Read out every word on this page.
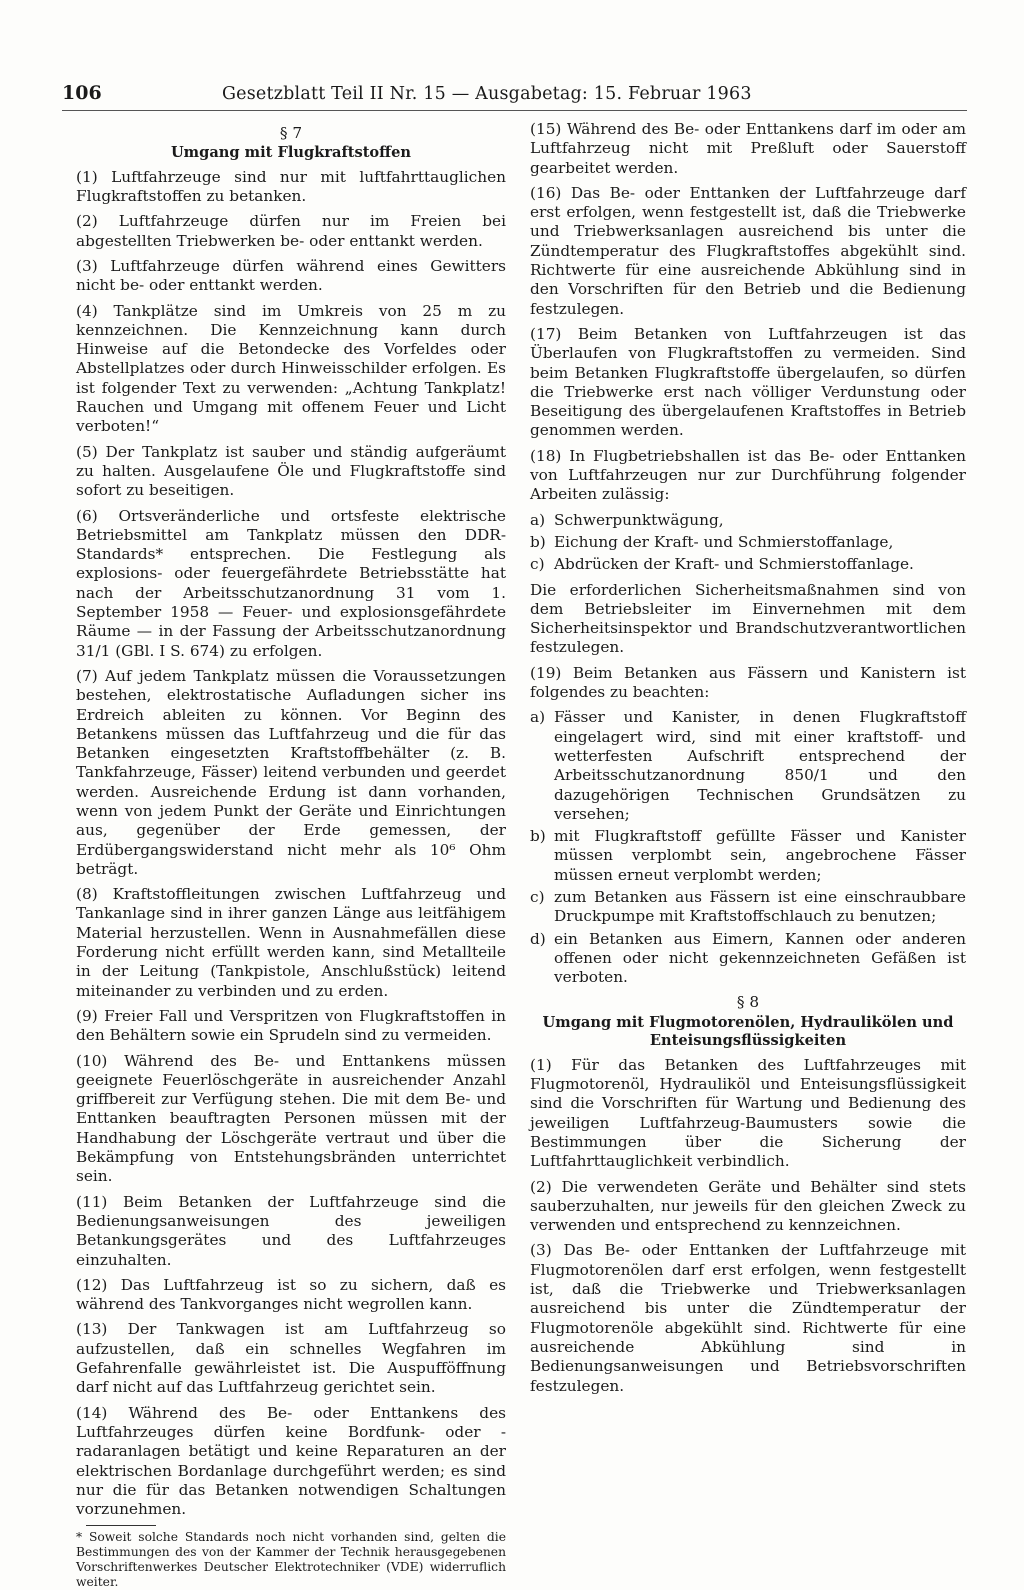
106	Gesetzblatt Teil II Nr. 15 — Ausgabetag: 15. Februar 1963
§ 7
Umgang mit Flugkraftstoffen

(1) Luftfahrzeuge sind nur mit luftfahrttauglichen Flugkraftstoffen zu betanken.

(2) Luftfahrzeuge dürfen nur im Freien bei abgestellten Triebwerken be- oder enttankt werden.

(3) Luftfahrzeuge dürfen während eines Gewitters nicht be- oder enttankt werden.

(4) Tankplätze sind im Umkreis von 25 m zu kennzeichnen. Die Kennzeichnung kann durch Hinweise auf die Betondecke des Vorfeldes oder Abstellplatzes oder durch Hinweisschilder erfolgen. Es ist folgender Text zu verwenden: „Achtung Tankplatz! Rauchen und Umgang mit offenem Feuer und Licht verboten!“

(5) Der Tankplatz ist sauber und ständig aufgeräumt zu halten. Ausgelaufene Öle und Flugkraftstoffe sind sofort zu beseitigen.

(6) Ortsveränderliche und ortsfeste elektrische Betriebsmittel am Tankplatz müssen den DDR-Standards* entsprechen. Die Festlegung als explosions- oder feuergefährdete Betriebsstätte hat nach der Arbeitsschutzanordnung 31 vom 1. September 1958 — Feuer- und explosionsgefährdete Räume — in der Fassung der Arbeitsschutzanordnung 31/1 (GBl. I S. 674) zu erfolgen.

(7) Auf jedem Tankplatz müssen die Voraussetzungen bestehen, elektrostatische Aufladungen sicher ins Erdreich ableiten zu können. Vor Beginn des Betankens müssen das Luftfahrzeug und die für das Betanken eingesetzten Kraftstoffbehälter (z. B. Tankfahrzeuge, Fässer) leitend verbunden und geerdet werden. Ausreichende Erdung ist dann vorhanden, wenn von jedem Punkt der Geräte und Einrichtungen aus, gegenüber der Erde gemessen, der Erdübergangswiderstand nicht mehr als 10⁶ Ohm beträgt.

(8) Kraftstoffleitungen zwischen Luftfahrzeug und Tankanlage sind in ihrer ganzen Länge aus leitfähigem Material herzustellen. Wenn in Ausnahmefällen diese Forderung nicht erfüllt werden kann, sind Metallteile in der Leitung (Tankpistole, Anschlußstück) leitend miteinander zu verbinden und zu erden.

(9) Freier Fall und Verspritzen von Flugkraftstoffen in den Behältern sowie ein Sprudeln sind zu vermeiden.

(10) Während des Be- und Enttankens müssen geeignete Feuerlöschgeräte in ausreichender Anzahl griffbereit zur Verfügung stehen. Die mit dem Be- und Enttanken beauftragten Personen müssen mit der Handhabung der Löschgeräte vertraut und über die Bekämpfung von Entstehungsbränden unterrichtet sein.

(11) Beim Betanken der Luftfahrzeuge sind die Bedienungsanweisungen des jeweiligen Betankungsgerätes und des Luftfahrzeuges einzuhalten.

(12) Das Luftfahrzeug ist so zu sichern, daß es während des Tankvorganges nicht wegrollen kann.

(13) Der Tankwagen ist am Luftfahrzeug so aufzustellen, daß ein schnelles Wegfahren im Gefahrenfalle gewährleistet ist. Die Auspufföffnung darf nicht auf das Luftfahrzeug gerichtet sein.

(14) Während des Be- oder Enttankens des Luftfahrzeuges dürfen keine Bordfunk- oder -radaranlagen betätigt und keine Reparaturen an der elektrischen Bordanlage durchgeführt werden; es sind nur die für das Betanken notwendigen Schaltungen vorzunehmen.

* Soweit solche Standards noch nicht vorhanden sind, gelten die Bestimmungen des von der Kammer der Technik herausgegebenen Vorschriftenwerkes Deutscher Elektrotechniker (VDE) widerruflich weiter.

(15) Während des Be- oder Enttankens darf im oder am Luftfahrzeug nicht mit Preßluft oder Sauerstoff gearbeitet werden.

(16) Das Be- oder Enttanken der Luftfahrzeuge darf erst erfolgen, wenn festgestellt ist, daß die Triebwerke und Triebwerksanlagen ausreichend bis unter die Zündtemperatur des Flugkraftstoffes abgekühlt sind. Richtwerte für eine ausreichende Abkühlung sind in den Vorschriften für den Betrieb und die Bedienung festzulegen.

(17) Beim Betanken von Luftfahrzeugen ist das Überlaufen von Flugkraftstoffen zu vermeiden. Sind beim Betanken Flugkraftstoffe übergelaufen, so dürfen die Triebwerke erst nach völliger Verdunstung oder Beseitigung des übergelaufenen Kraftstoffes in Betrieb genommen werden.

(18) In Flugbetriebshallen ist das Be- oder Enttanken von Luftfahrzeugen nur zur Durchführung folgender Arbeiten zulässig:

a) Schwerpunktwägung,
b) Eichung der Kraft- und Schmierstoffanlage,
c) Abdrücken der Kraft- und Schmierstoffanlage.

Die erforderlichen Sicherheitsmaßnahmen sind von dem Betriebsleiter im Einvernehmen mit dem Sicherheitsinspektor und Brandschutzverantwortlichen festzulegen.

(19) Beim Betanken aus Fässern und Kanistern ist folgendes zu beachten:

a) Fässer und Kanister, in denen Flugkraftstoff eingelagert wird, sind mit einer kraftstoff- und wetterfesten Aufschrift entsprechend der Arbeitsschutzanordnung 850/1 und den dazugehörigen Technischen Grundsätzen zu versehen;
b) mit Flugkraftstoff gefüllte Fässer und Kanister müssen verplombt sein, angebrochene Fässer müssen erneut verplombt werden;
c) zum Betanken aus Fässern ist eine einschraubbare Druckpumpe mit Kraftstoffschlauch zu benutzen;
d) ein Betanken aus Eimern, Kannen oder anderen offenen oder nicht gekennzeichneten Gefäßen ist verboten.
§ 8
Umgang mit Flugmotorenölen, Hydraulikölen und Enteisungsflüssigkeiten

(1) Für das Betanken des Luftfahrzeuges mit Flugmotorenöl, Hydrauliköl und Enteisungsflüssigkeit sind die Vorschriften für Wartung und Bedienung des jeweiligen Luftfahrzeug-Baumusters sowie die Bestimmungen über die Sicherung der Luftfahrttauglichkeit verbindlich.

(2) Die verwendeten Geräte und Behälter sind stets sauberzuhalten, nur jeweils für den gleichen Zweck zu verwenden und entsprechend zu kennzeichnen.

(3) Das Be- oder Enttanken der Luftfahrzeuge mit Flugmotorenölen darf erst erfolgen, wenn festgestellt ist, daß die Triebwerke und Triebwerksanlagen ausreichend bis unter die Zündtemperatur der Flugmotorenöle abgekühlt sind. Richtwerte für eine ausreichende Abkühlung sind in Bedienungsanweisungen und Betriebsvorschriften festzulegen.
